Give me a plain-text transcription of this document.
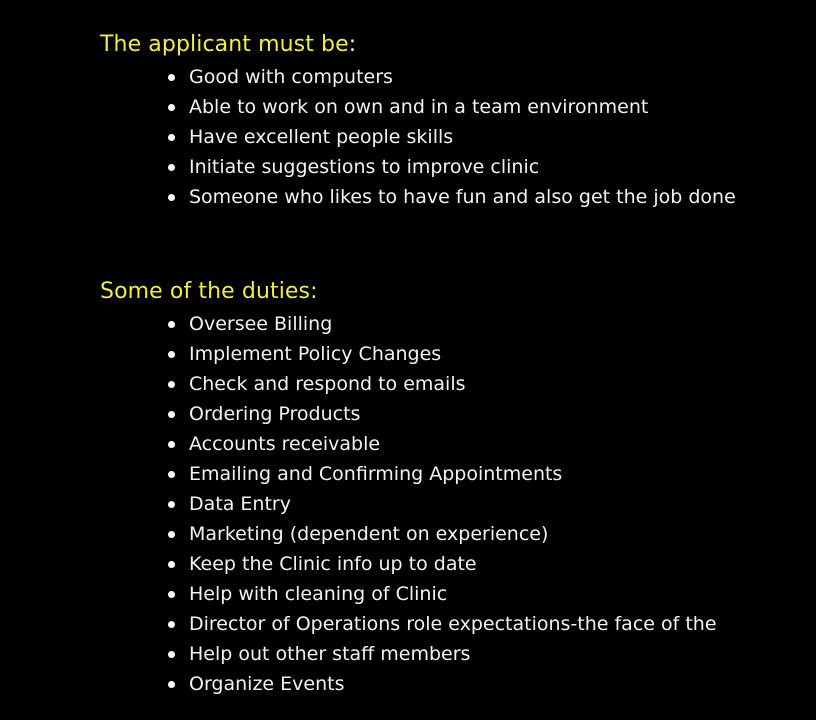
The applicant must be:
Good with computers
Able to work on own and in a team environment
Have excellent people skills
Initiate suggestions to improve clinic
Someone who likes to have fun and also get the job done
Some of the duties:
Oversee Billing
Implement Policy Changes
Check and respond to emails
Ordering Products
Accounts receivable
Emailing and Confirming Appointments
Data Entry
Marketing (dependent on experience)
Keep the Clinic info up to date
Help with cleaning of Clinic
Director of Operations role expectations-the face of the
Help out other staff members
Organize Events
